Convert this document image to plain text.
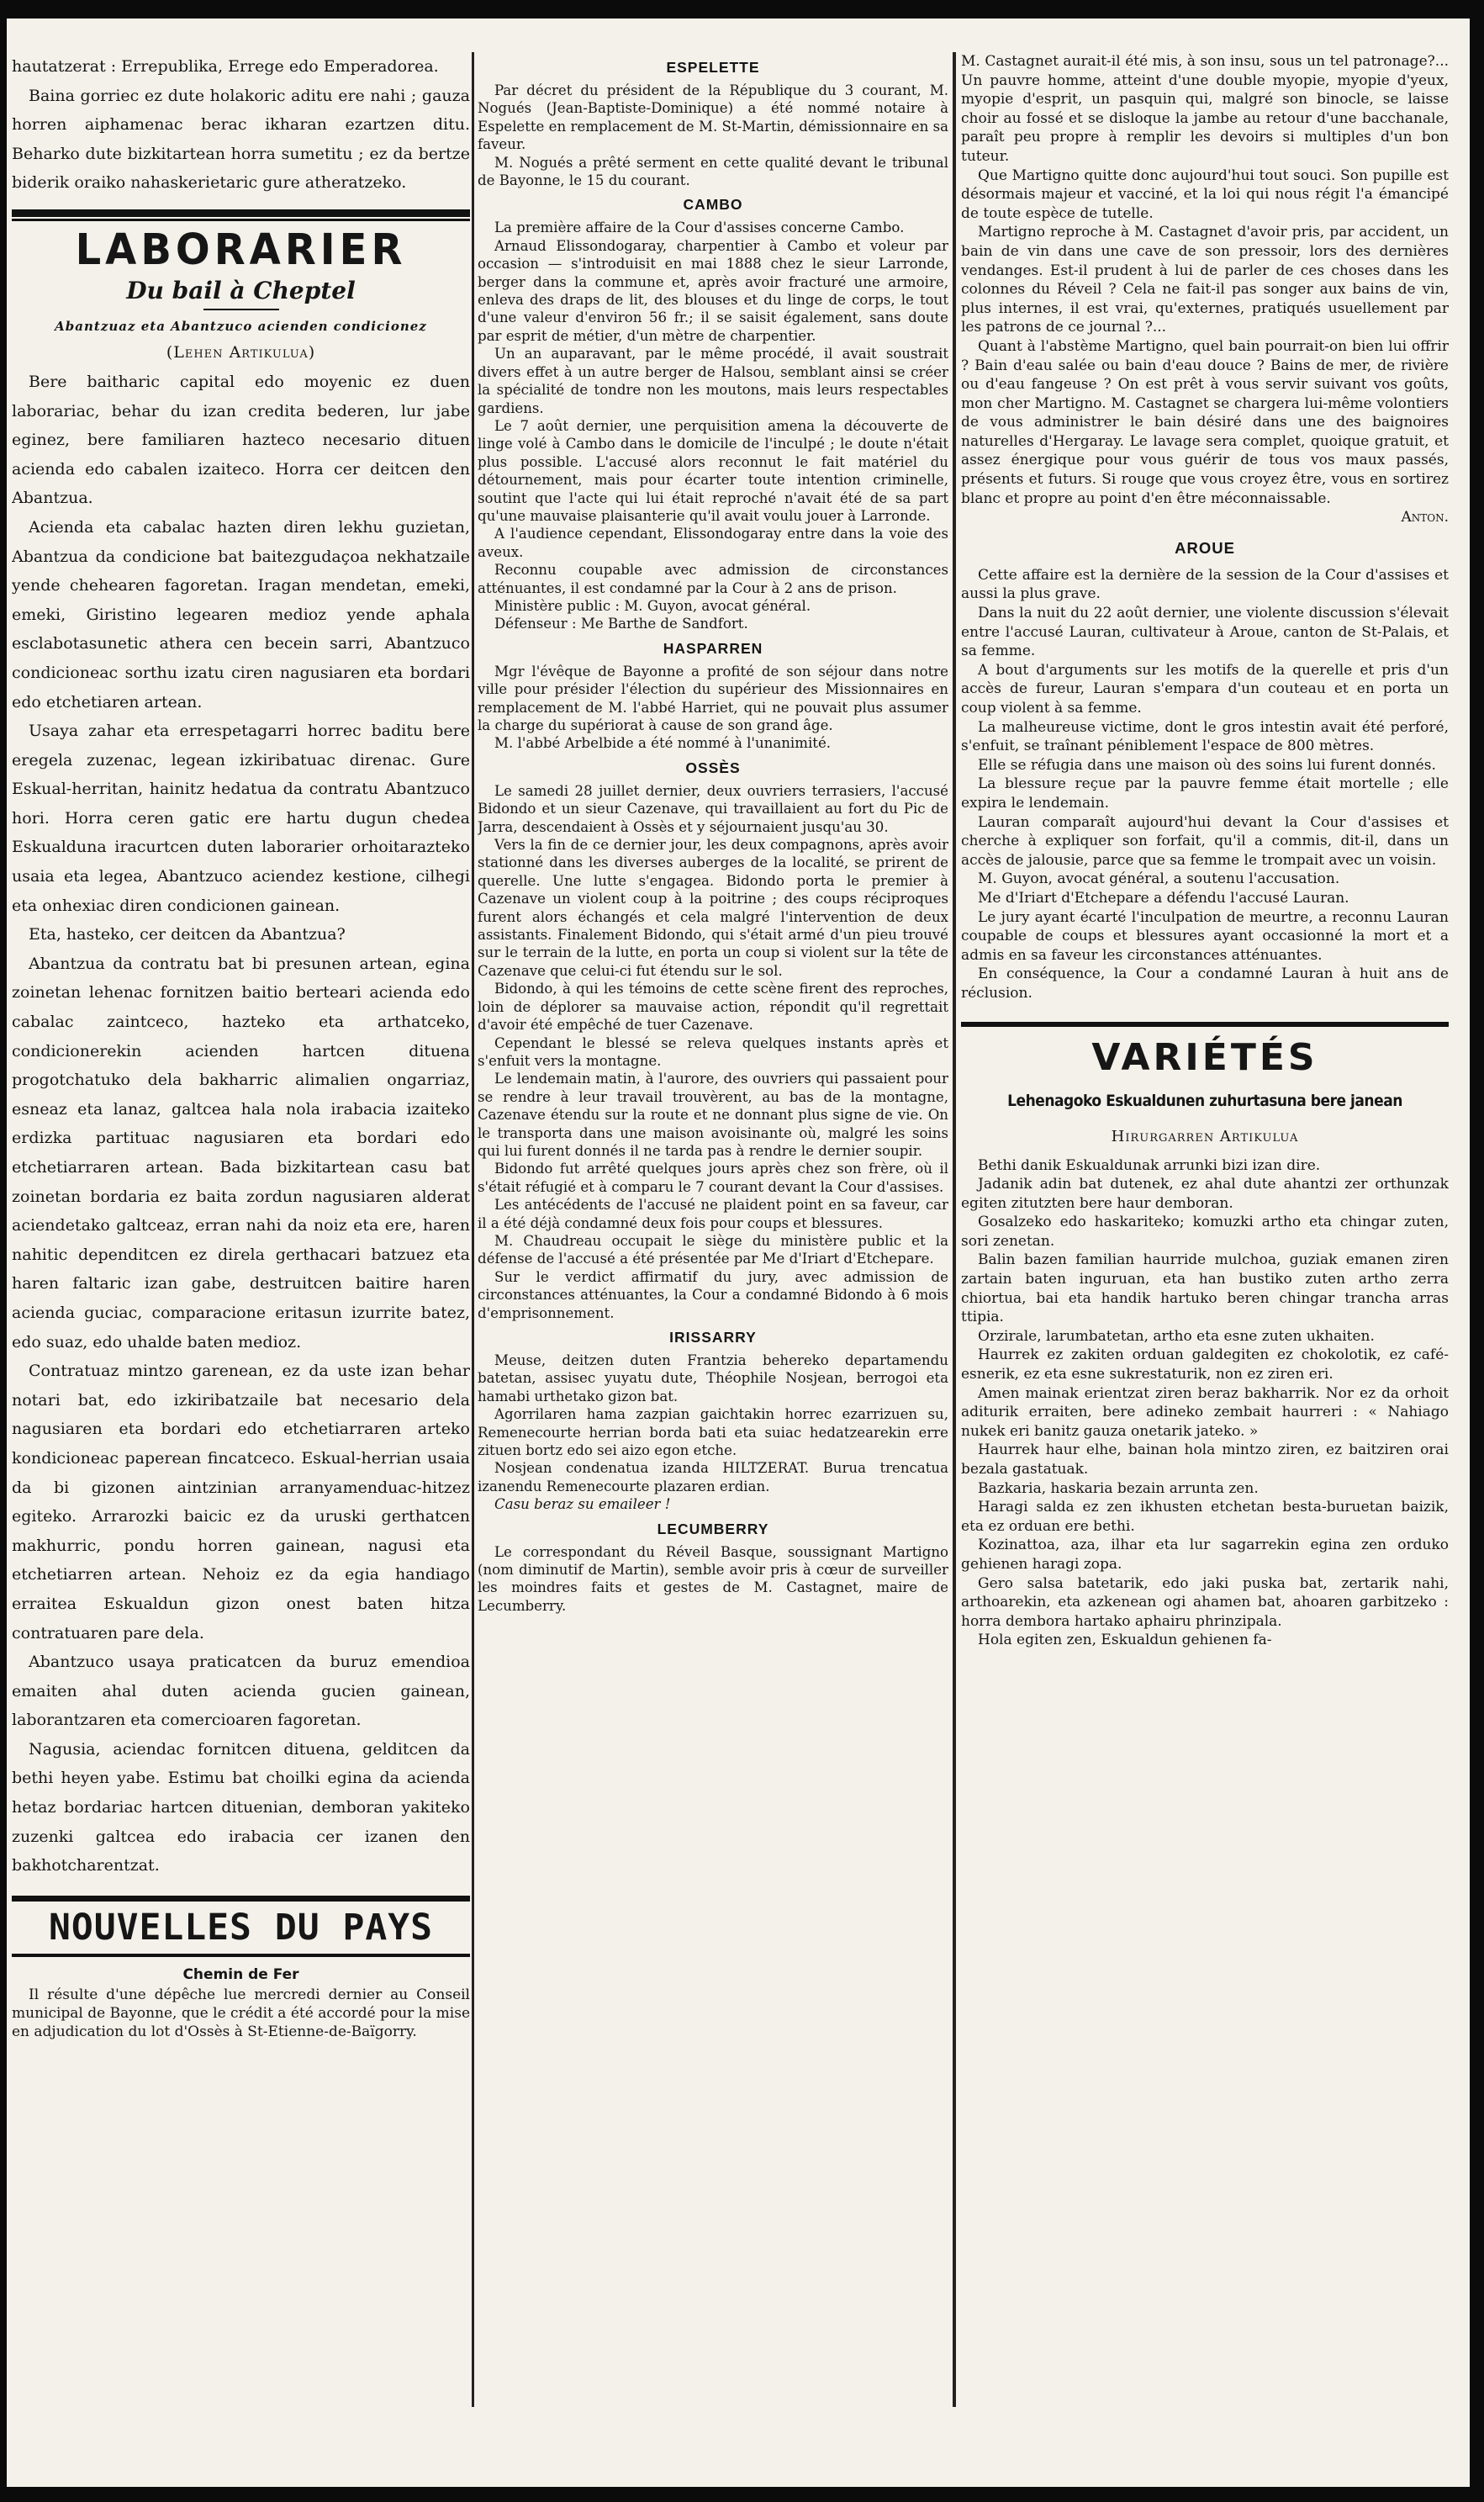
hautatzerat : Errepublika, Errege edo Emperadorea.

Baina gorriec ez dute holakoric aditu ere nahi ; gauza horren aiphamenac berac ikharan ezartzen ditu. Beharko dute bizkitartean horra sumetitu ; ez da bertze biderik oraiko nahaskerietaric gure atheratzeko.

LABORARIER
Du bail à Cheptel
Abantzuaz eta Abantzuco acienden condicionez
(Lehen Artikulua)

Bere baitharic capital edo moyenic ez duen laborariac, behar du izan credita bederen, lur jabe eginez, bere familiaren hazteco necesario dituen acienda edo cabalen izaiteco. Horra cer deitcen den Abantzua.

Acienda eta cabalac hazten diren lekhu guzietan, Abantzua da condicione bat baitezgudaçoa nekhatzaile yende chehearen fagoretan. Iragan mendetan, emeki, emeki, Giristino legearen medioz yende aphala esclabotasunetic athera cen becein sarri, Abantzuco condicioneac sorthu izatu ciren nagusiaren eta bordari edo etchetiaren artean.

Usaya zahar eta errespetagarri horrec baditu bere eregela zuzenac, legean izkiribatuac direnac. Gure Eskual-herritan, hainitz hedatua da contratu Abantzuco hori. Horra ceren gatic ere hartu dugun chedea Eskualduna iracurtcen duten laborarier orhoitarazteko usaia eta legea, Abantzuco aciendez kestione, cilhegi eta onhexiac diren condicionen gainean.

Eta, hasteko, cer deitcen da Abantzua?

Abantzua da contratu bat bi presunen artean, egina zoinetan lehenac fornitzen baitio berteari acienda edo cabalac zaintceco, hazteko eta arthatceko, condicionerekin acienden hartcen dituena progotchatuko dela bakharric alimalien ongarriaz, esneaz eta lanaz, galtcea hala nola irabacia izaiteko erdizka partituac nagusiaren eta bordari edo etchetiarraren artean. Bada bizkitartean casu bat zoinetan bordaria ez baita zordun nagusiaren alderat aciendetako galtceaz, erran nahi da noiz eta ere, haren nahitic dependitcen ez direla gerthacari batzuez eta haren faltaric izan gabe, destruitcen baitire haren acienda guciac, comparacione eritasun izurrite batez, edo suaz, edo uhalde baten medioz.

Contratuaz mintzo garenean, ez da uste izan behar notari bat, edo izkiribatzaile bat necesario dela nagusiaren eta bordari edo etchetiarraren arteko kondicioneac paperean fincatceco. Eskual-herrian usaia da bi gizonen aintzinian arranyamenduac-hitzez egiteko. Arrarozki baicic ez da uruski gerthatcen makhurric, pondu horren gainean, nagusi eta etchetiarren artean. Nehoiz ez da egia handiago erraitea Eskualdun gizon onest baten hitza contratuaren pare dela.

Abantzuco usaya praticatcen da buruz emendioa emaiten ahal duten acienda gucien gainean, laborantzaren eta comercioaren fagoretan.

Nagusia, aciendac fornitcen dituena, gelditcen da bethi heyen yabe. Estimu bat choilki egina da acienda hetaz bordariac hartcen dituenian, demboran yakiteko zuzenki galtcea edo irabacia cer izanen den bakhotcharentzat.

NOUVELLES DU PAYS
Chemin de Fer

Il résulte d'une dépêche lue mercredi dernier au Conseil municipal de Bayonne, que le crédit a été accordé pour la mise en adjudication du lot d'Ossès à St-Etienne-de-Baïgorry.

ESPELETTE

Par décret du président de la République du 3 courant, M. Nogués (Jean-Baptiste-Dominique) a été nommé notaire à Espelette en remplacement de M. St-Martin, démissionnaire en sa faveur.

M. Nogués a prêté serment en cette qualité devant le tribunal de Bayonne, le 15 du courant.

CAMBO

La première affaire de la Cour d'assises concerne Cambo.

Arnaud Elissondogaray, charpentier à Cambo et voleur par occasion — s'introduisit en mai 1888 chez le sieur Larronde, berger dans la commune et, après avoir fracturé une armoire, enleva des draps de lit, des blouses et du linge de corps, le tout d'une valeur d'environ 56 fr.; il se saisit également, sans doute par esprit de métier, d'un mètre de charpentier.

Un an auparavant, par le même procédé, il avait soustrait divers effet à un autre berger de Halsou, semblant ainsi se créer la spécialité de tondre non les moutons, mais leurs respectables gardiens.

Le 7 août dernier, une perquisition amena la découverte de linge volé à Cambo dans le domicile de l'inculpé ; le doute n'était plus possible. L'accusé alors reconnut le fait matériel du détournement, mais pour écarter toute intention criminelle, soutint que l'acte qui lui était reproché n'avait été de sa part qu'une mauvaise plaisanterie qu'il avait voulu jouer à Larronde.

A l'audience cependant, Elissondogaray entre dans la voie des aveux.

Reconnu coupable avec admission de circonstances atténuantes, il est condamné par la Cour à 2 ans de prison.

Ministère public : M. Guyon, avocat général.

Défenseur : Me Barthe de Sandfort.

HASPARREN

Mgr l'évêque de Bayonne a profité de son séjour dans notre ville pour présider l'élection du supérieur des Missionnaires en remplacement de M. l'abbé Harriet, qui ne pouvait plus assumer la charge du supériorat à cause de son grand âge.

M. l'abbé Arbelbide a été nommé à l'unanimité.

OSSÈS

Le samedi 28 juillet dernier, deux ouvriers terrasiers, l'accusé Bidondo et un sieur Cazenave, qui travaillaient au fort du Pic de Jarra, descendaient à Ossès et y séjournaient jusqu'au 30.

Vers la fin de ce dernier jour, les deux compagnons, après avoir stationné dans les diverses auberges de la localité, se prirent de querelle. Une lutte s'engagea. Bidondo porta le premier à Cazenave un violent coup à la poitrine ; des coups réciproques furent alors échangés et cela malgré l'intervention de deux assistants. Finalement Bidondo, qui s'était armé d'un pieu trouvé sur le terrain de la lutte, en porta un coup si violent sur la tête de Cazenave que celui-ci fut étendu sur le sol.

Bidondo, à qui les témoins de cette scène firent des reproches, loin de déplorer sa mauvaise action, répondit qu'il regrettait d'avoir été empêché de tuer Cazenave.

Cependant le blessé se releva quelques instants après et s'enfuit vers la montagne.

Le lendemain matin, à l'aurore, des ouvriers qui passaient pour se rendre à leur travail trouvèrent, au bas de la montagne, Cazenave étendu sur la route et ne donnant plus signe de vie. On le transporta dans une maison avoisinante où, malgré les soins qui lui furent donnés il ne tarda pas à rendre le dernier soupir.

Bidondo fut arrêté quelques jours après chez son frère, où il s'était réfugié et à comparu le 7 courant devant la Cour d'assises.

Les antécédents de l'accusé ne plaident point en sa faveur, car il a été déjà condamné deux fois pour coups et blessures.

M. Chaudreau occupait le siège du ministère public et la défense de l'accusé a été présentée par Me d'Iriart d'Etchepare.

Sur le verdict affirmatif du jury, avec admission de circonstances atténuantes, la Cour a condamné Bidondo à 6 mois d'emprisonnement.

IRISSARRY

Meuse, deitzen duten Frantzia behereko departamendu batetan, assisec yuyatu dute, Théophile Nosjean, berrogoi eta hamabi urthetako gizon bat.

Agorrilaren hama zazpian gaichtakin horrec ezarrizuen su, Remenecourte herrian borda bati eta suiac hedatzearekin erre zituen bortz edo sei aizo egon etche.

Nosjean condenatua izanda HILTZERAT. Burua trencatua izanendu Remenecourte plazaren erdian.

Casu beraz su emaileer !

LECUMBERRY

Le correspondant du Réveil Basque, soussignant Martigno (nom diminutif de Martin), semble avoir pris à cœur de surveiller les moindres faits et gestes de M. Castagnet, maire de Lecumberry.

M. Castagnet aurait-il été mis, à son insu, sous un tel patronage?... Un pauvre homme, atteint d'une double myopie, myopie d'yeux, myopie d'esprit, un pasquin qui, malgré son binocle, se laisse choir au fossé et se disloque la jambe au retour d'une bacchanale, paraît peu propre à remplir les devoirs si multiples d'un bon tuteur.

Que Martigno quitte donc aujourd'hui tout souci. Son pupille est désormais majeur et vacciné, et la loi qui nous régit l'a émancipé de toute espèce de tutelle.

Martigno reproche à M. Castagnet d'avoir pris, par accident, un bain de vin dans une cave de son pressoir, lors des dernières vendanges. Est-il prudent à lui de parler de ces choses dans les colonnes du Réveil ? Cela ne fait-il pas songer aux bains de vin, plus internes, il est vrai, qu'externes, pratiqués usuellement par les patrons de ce journal ?...

Quant à l'abstème Martigno, quel bain pourrait-on bien lui offrir ? Bain d'eau salée ou bain d'eau douce ? Bains de mer, de rivière ou d'eau fangeuse ? On est prêt à vous servir suivant vos goûts, mon cher Martigno. M. Castagnet se chargera lui-même volontiers de vous administrer le bain désiré dans une des baignoires naturelles d'Hergaray. Le lavage sera complet, quoique gratuit, et assez énergique pour vous guérir de tous vos maux passés, présents et futurs. Si rouge que vous croyez être, vous en sortirez blanc et propre au point d'en être méconnaissable.

Anton.

AROUE

Cette affaire est la dernière de la session de la Cour d'assises et aussi la plus grave.

Dans la nuit du 22 août dernier, une violente discussion s'élevait entre l'accusé Lauran, cultivateur à Aroue, canton de St-Palais, et sa femme.

A bout d'arguments sur les motifs de la querelle et pris d'un accès de fureur, Lauran s'empara d'un couteau et en porta un coup violent à sa femme.

La malheureuse victime, dont le gros intestin avait été perforé, s'enfuit, se traînant péniblement l'espace de 800 mètres.

Elle se réfugia dans une maison où des soins lui furent donnés.

La blessure reçue par la pauvre femme était mortelle ; elle expira le lendemain.

Lauran comparaît aujourd'hui devant la Cour d'assises et cherche à expliquer son forfait, qu'il a commis, dit-il, dans un accès de jalousie, parce que sa femme le trompait avec un voisin.

M. Guyon, avocat général, a soutenu l'accusation.

Me d'Iriart d'Etchepare a défendu l'accusé Lauran.

Le jury ayant écarté l'inculpation de meurtre, a reconnu Lauran coupable de coups et blessures ayant occasionné la mort et a admis en sa faveur les circonstances atténuantes.

En conséquence, la Cour a condamné Lauran à huit ans de réclusion.

VARIÉTÉS
Lehenagoko Eskualdunen zuhurtasuna bere janean
Hirurgarren Artikulua

Bethi danik Eskualdunak arrunki bizi izan dire.

Jadanik adin bat dutenek, ez ahal dute ahantzi zer orthunzak egiten zitutzten bere haur demboran.

Gosalzeko edo haskariteko; komuzki artho eta chingar zuten, sori zenetan.

Balin bazen familian haurride mulchoa, guziak emanen ziren zartain baten inguruan, eta han bustiko zuten artho zerra chiortua, bai eta handik hartuko beren chingar trancha arras ttipia.

Orzirale, larumbatetan, artho eta esne zuten ukhaiten.

Haurrek ez zakiten orduan galdegiten ez chokolotik, ez café-esnerik, ez eta esne sukrestaturik, non ez ziren eri.

Amen mainak erientzat ziren beraz bakharrik. Nor ez da orhoit aditurik erraiten, bere adineko zembait haurreri : « Nahiago nukek eri banitz gauza onetarik jateko. »

Haurrek haur elhe, bainan hola mintzo ziren, ez baitziren orai bezala gastatuak.

Bazkaria, haskaria bezain arrunta zen.

Haragi salda ez zen ikhusten etchetan besta-buruetan baizik, eta ez orduan ere bethi.

Kozinattoa, aza, ilhar eta lur sagarrekin egina zen orduko gehienen haragi zopa.

Gero salsa batetarik, edo jaki puska bat, zertarik nahi, arthoarekin, eta azkenean ogi ahamen bat, ahoaren garbitzeko : horra dembora hartako aphairu phrinzipala.

Hola egiten zen, Eskualdun gehienen fa-
